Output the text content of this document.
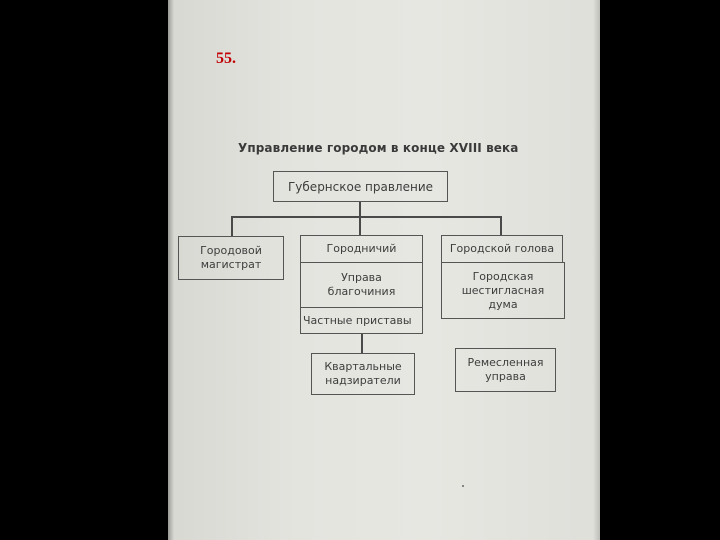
55.
Управление городом в конце XVIII века
Губернское правление
Городовой
магистрат
Городничий
Управа
благочиния
Частные приставы
Городской голова
Городская
шестигласная
дума
Квартальные
надзиратели
Ремесленная
управа
